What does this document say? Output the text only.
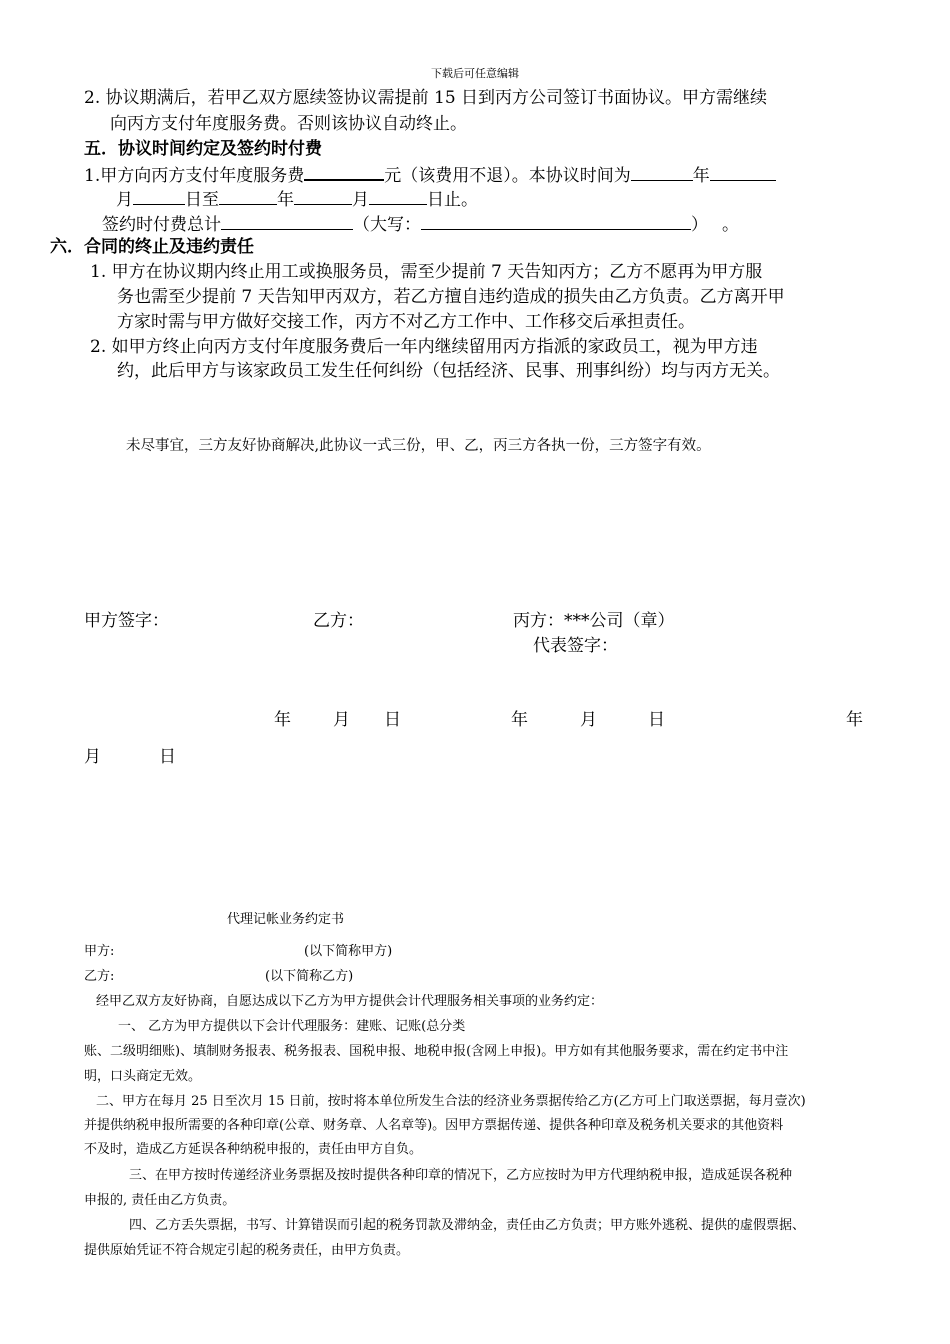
下载后可任意编辑
2. 协议期满后，若甲乙双方愿续签协议需提前 15 日到丙方公司签订书面协议。甲方需继续
向丙方支付年度服务费。否则该协议自动终止。
五．协议时间约定及签约时付费
1.甲方向丙方支付年度服务费	元（该费用不退）。本协议时间为	年
月	日至	年	月	日止。
签约时付费总计	（大写：	） 。
六．合同的终止及违约责任
1. 甲方在协议期内终止用工或换服务员，需至少提前 7 天告知丙方；乙方不愿再为甲方服
务也需至少提前 7 天告知甲丙双方，若乙方擅自违约造成的损失由乙方负责。乙方离开甲
方家时需与甲方做好交接工作，丙方不对乙方工作中、工作移交后承担责任。
2. 如甲方终止向丙方支付年度服务费后一年内继续留用丙方指派的家政员工，视为甲方违
约，此后甲方与该家政员工发生任何纠纷（包括经济、民事、刑事纠纷）均与丙方无关。
未尽事宜，三方友好协商解决,此协议一式三份，甲、乙，丙三方各执一份，三方签字有效。
甲方签字：	乙方：	丙方：***公司（章）
代表签字：
年 月 日	年	月	日	年
月	日
代理记帐业务约定书
甲方:	(以下简称甲方)
乙方:	(以下简称乙方)
经甲乙双方友好协商，自愿达成以下乙方为甲方提供会计代理服务相关事项的业务约定：
一、 乙方为甲方提供以下会计代理服务：建账、记账(总分类
账、二级明细账)、填制财务报表、税务报表、国税申报、地税申报(含网上申报)。甲方如有其他服务要求，需在约定书中注
明，口头商定无效。
二、甲方在每月 25 日至次月 15 日前，按时将本单位所发生合法的经济业务票据传给乙方(乙方可上门取送票据，每月壹次)
并提供纳税申报所需要的各种印章(公章、财务章、人名章等)。因甲方票据传递、提供各种印章及税务机关要求的其他资料
不及时，造成乙方延误各种纳税申报的，责任由甲方自负。
三、在甲方按时传递经济业务票据及按时提供各种印章的情况下，乙方应按时为甲方代理纳税申报，造成延误各税种
申报的, 责任由乙方负责。
四、乙方丢失票据，书写、计算错误而引起的税务罚款及滞纳金，责任由乙方负责；甲方账外逃税、提供的虚假票据、
提供原始凭证不符合规定引起的税务责任，由甲方负责。
